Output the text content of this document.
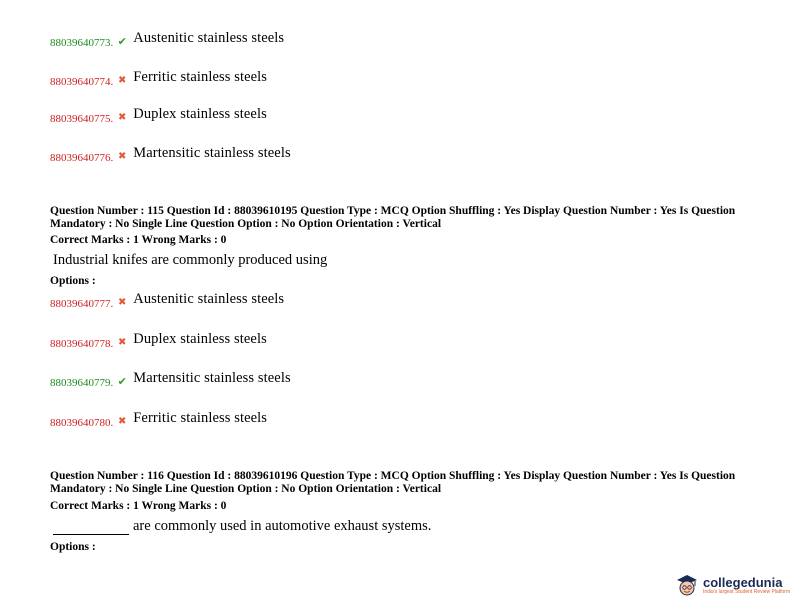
88039640773. ✔ Austenitic stainless steels
88039640774. ✖ Ferritic stainless steels
88039640775. ✖ Duplex stainless steels
88039640776. ✖ Martensitic stainless steels
Question Number : 115 Question Id : 88039610195 Question Type : MCQ Option Shuffling : Yes Display Question Number : Yes Is Question Mandatory : No Single Line Question Option : No Option Orientation : Vertical
Correct Marks : 1 Wrong Marks : 0
Industrial knifes are commonly produced using
Options :
88039640777. ✖ Austenitic stainless steels
88039640778. ✖ Duplex stainless steels
88039640779. ✔ Martensitic stainless steels
88039640780. ✖ Ferritic stainless steels
Question Number : 116 Question Id : 88039610196 Question Type : MCQ Option Shuffling : Yes Display Question Number : Yes Is Question Mandatory : No Single Line Question Option : No Option Orientation : Vertical
Correct Marks : 1 Wrong Marks : 0
are commonly used in automotive exhaust systems.
Options :
collegedunia
India's largest Student Review Platform
